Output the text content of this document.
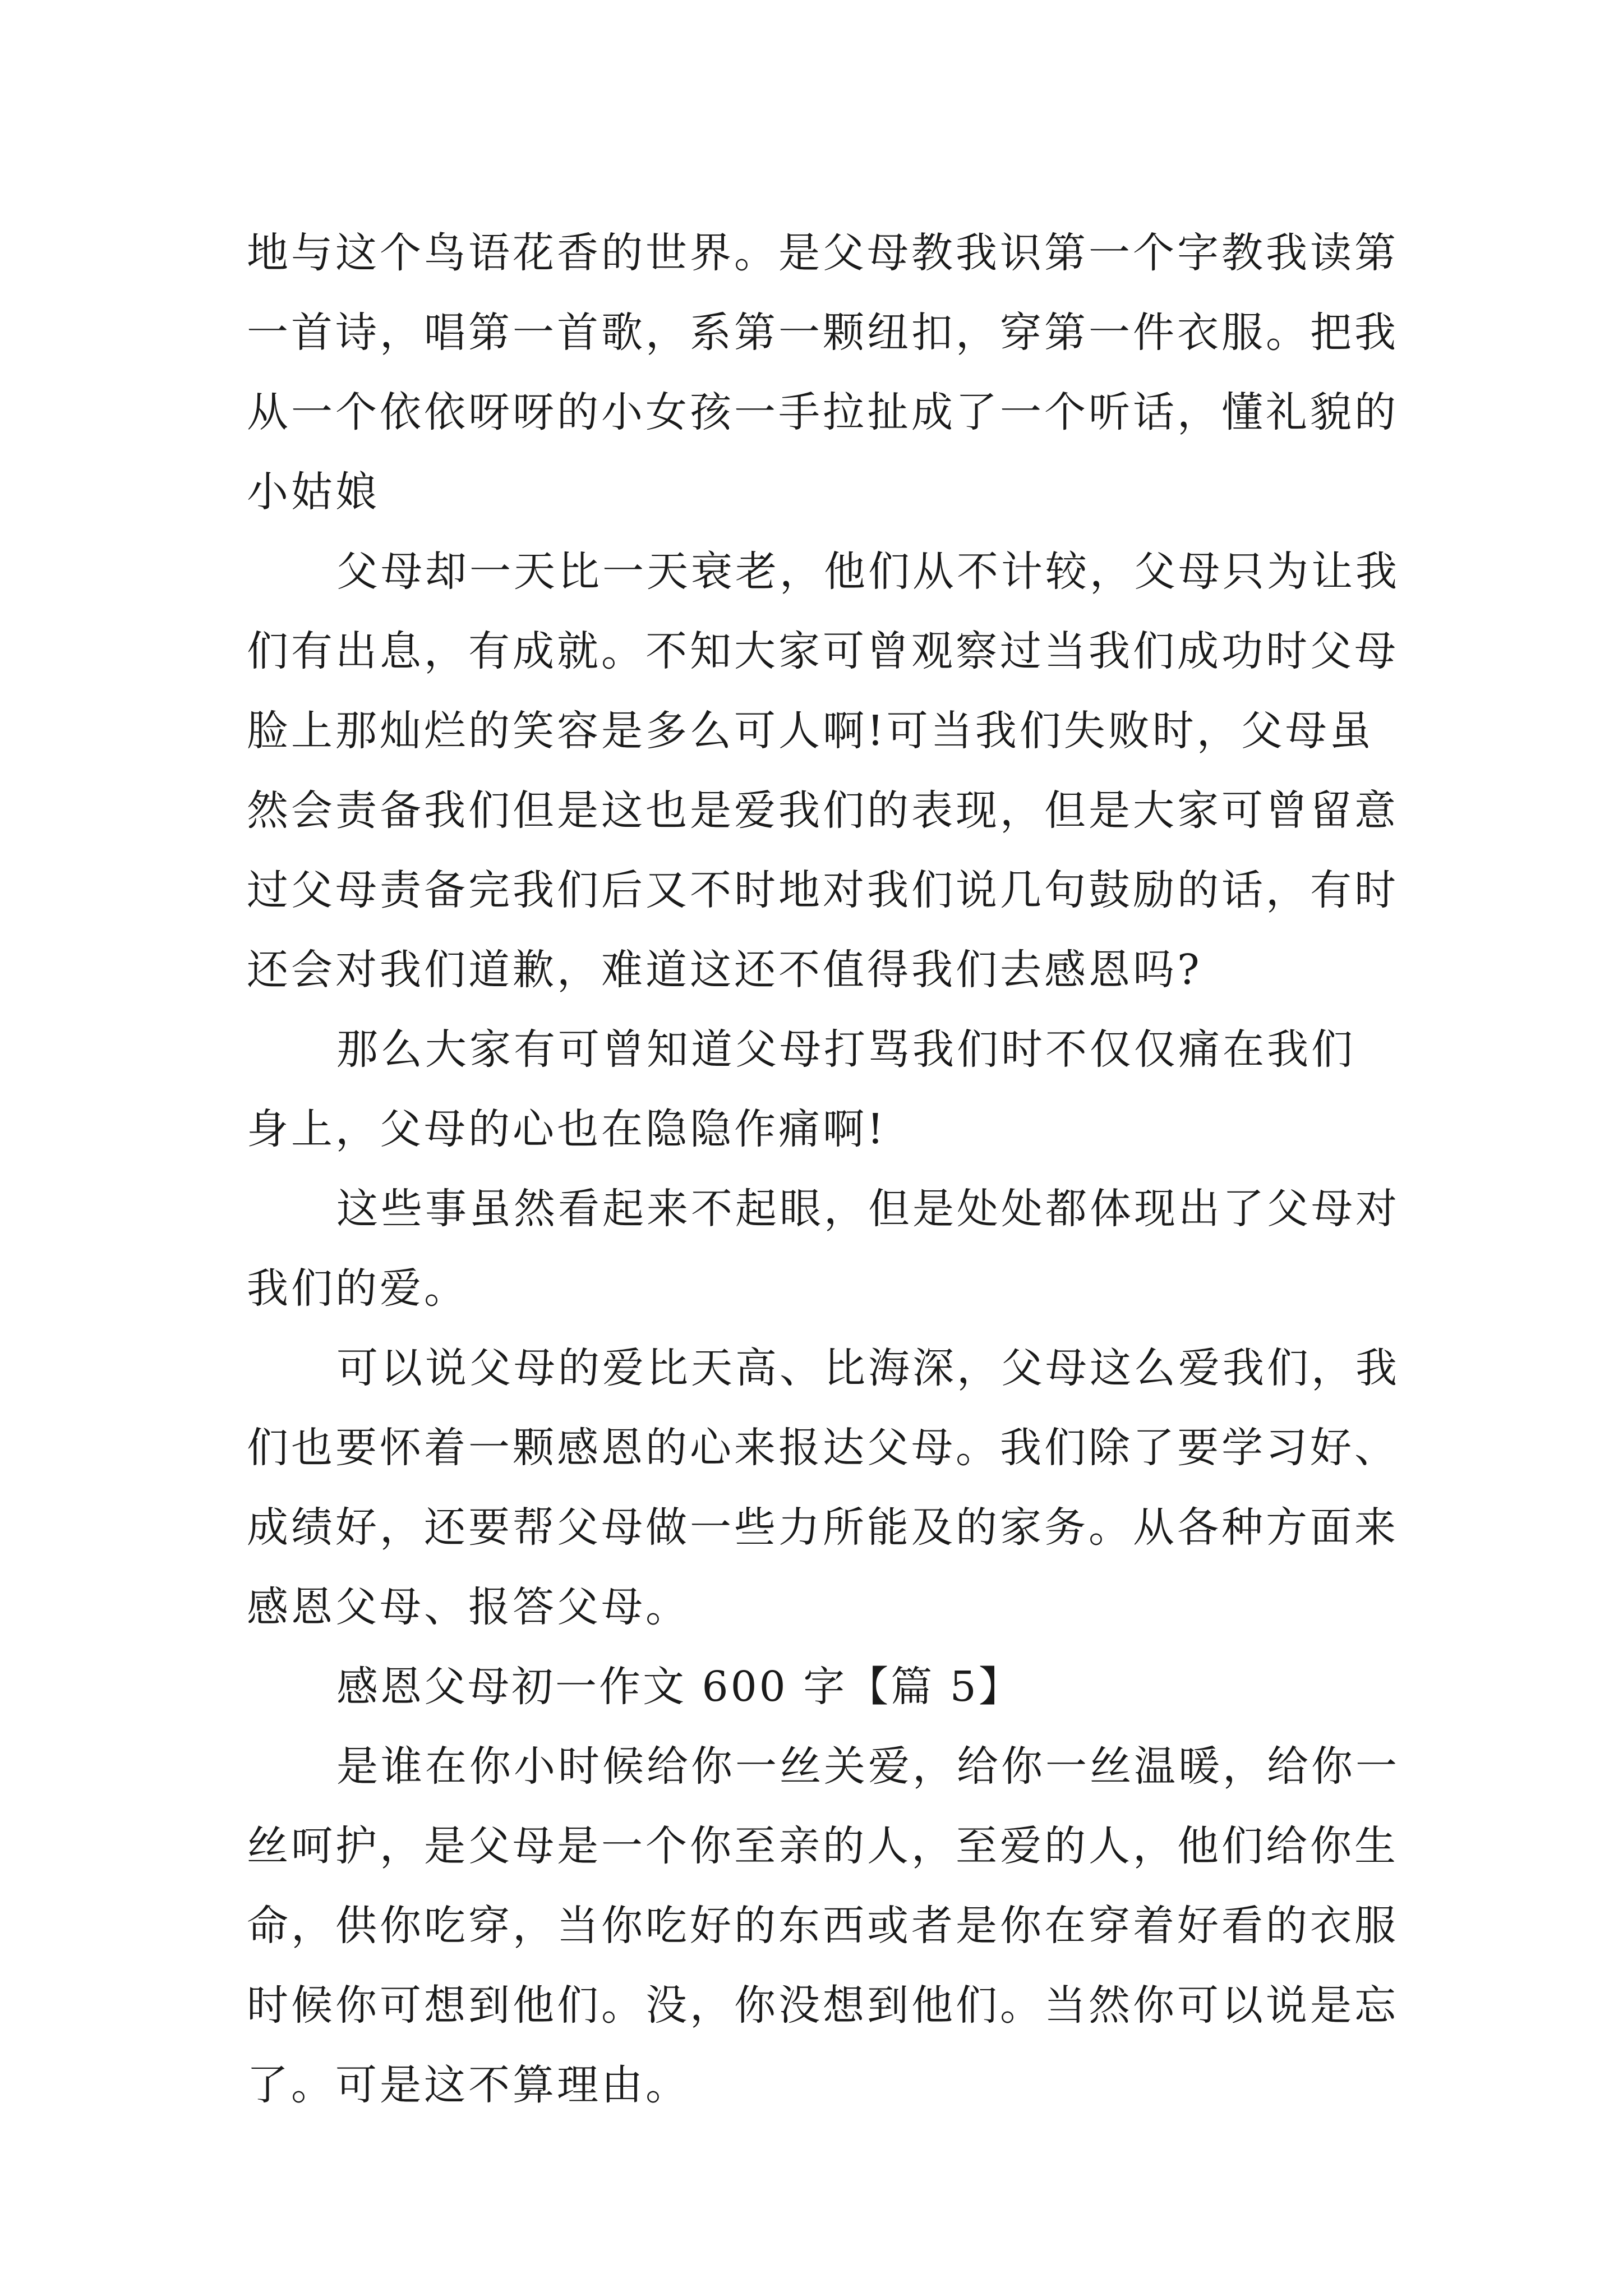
地与这个鸟语花香的世界。是父母教我识第一个字教我读第
一首诗，唱第一首歌，系第一颗纽扣，穿第一件衣服。把我
从一个依依呀呀的小女孩一手拉扯成了一个听话，懂礼貌的
小姑娘
父母却一天比一天衰老，他们从不计较，父母只为让我
们有出息，有成就。不知大家可曾观察过当我们成功时父母
脸上那灿烂的笑容是多么可人啊!可当我们失败时，父母虽
然会责备我们但是这也是爱我们的表现，但是大家可曾留意
过父母责备完我们后又不时地对我们说几句鼓励的话，有时
还会对我们道歉，难道这还不值得我们去感恩吗?
那么大家有可曾知道父母打骂我们时不仅仅痛在我们
身上，父母的心也在隐隐作痛啊!
这些事虽然看起来不起眼，但是处处都体现出了父母对
我们的爱。
可以说父母的爱比天高、比海深，父母这么爱我们，我
们也要怀着一颗感恩的心来报达父母。我们除了要学习好、
成绩好，还要帮父母做一些力所能及的家务。从各种方面来
感恩父母、报答父母。
感恩父母初一作文 600 字【篇 5】
是谁在你小时候给你一丝关爱，给你一丝温暖，给你一
丝呵护，是父母是一个你至亲的人，至爱的人，他们给你生
命，供你吃穿，当你吃好的东西或者是你在穿着好看的衣服
时候你可想到他们。没，你没想到他们。当然你可以说是忘
了。可是这不算理由。
